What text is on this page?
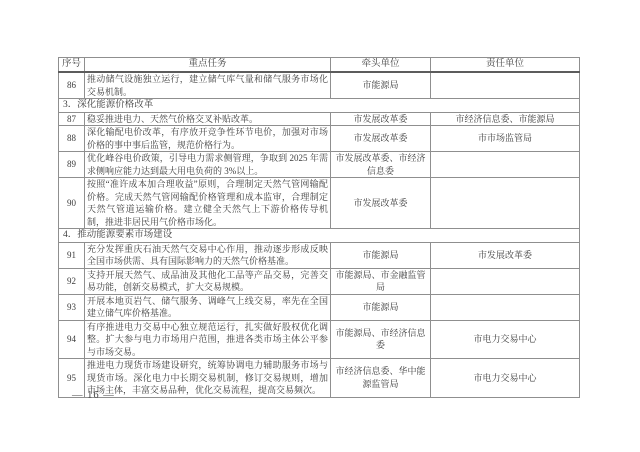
序号	重点任务	牵头单位	责任单位
86	推动储气设施独立运行，建立储气库气量和储气服务市场化交易机制。	市能源局	
3．深化能源价格改革			
87	稳妥推进电力、天然气价格交叉补贴改革。	市发展改革委	市经济信息委、市能源局
88	深化输配电价改革，有序放开竞争性环节电价，加强对市场价格的事中事后监管，规范价格行为。	市发展改革委	市市场监管局
89	优化峰谷电价政策，引导电力需求侧管理，争取到 2025 年需求侧响应能力达到最大用电负荷的 3%以上。	市发展改革委、市经济信息委	
90	按照“准许成本加合理收益”原则，合理制定天然气管网输配价格。完成天然气管网输配价格管理和成本监审，合理制定天然气管道运输价格。建立健全天然气上下游价格传导机制，推进非居民用气价格市场化。	市发展改革委	
4．推动能源要素市场建设			
91	充分发挥重庆石油天然气交易中心作用，推动逐步形成反映全国市场供需、具有国际影响力的天然气价格基准。	市能源局	市发展改革委
92	支持开展天然气、成品油及其他化工品等产品交易，完善交易功能，创新交易模式，扩大交易规模。	市能源局、市金融监管局	
93	开展本地页岩气、储气服务、调峰气上线交易，率先在全国建立储气库价格基准。	市能源局	
94	有序推进电力交易中心独立规范运行，扎实做好股权优化调整。扩大参与电力市场用户范围，推进各类市场主体公平参与市场交易。	市能源局、市经济信息委	市电力交易中心
95	推进电力现货市场建设研究，统筹协调电力辅助服务市场与现货市场。深化电力中长期交易机制，修订交易规则，增加市场主体，丰富交易品种，优化交易流程，提高交易频次。	市经济信息委、华中能源监管局	市电力交易中心
— 16 —
